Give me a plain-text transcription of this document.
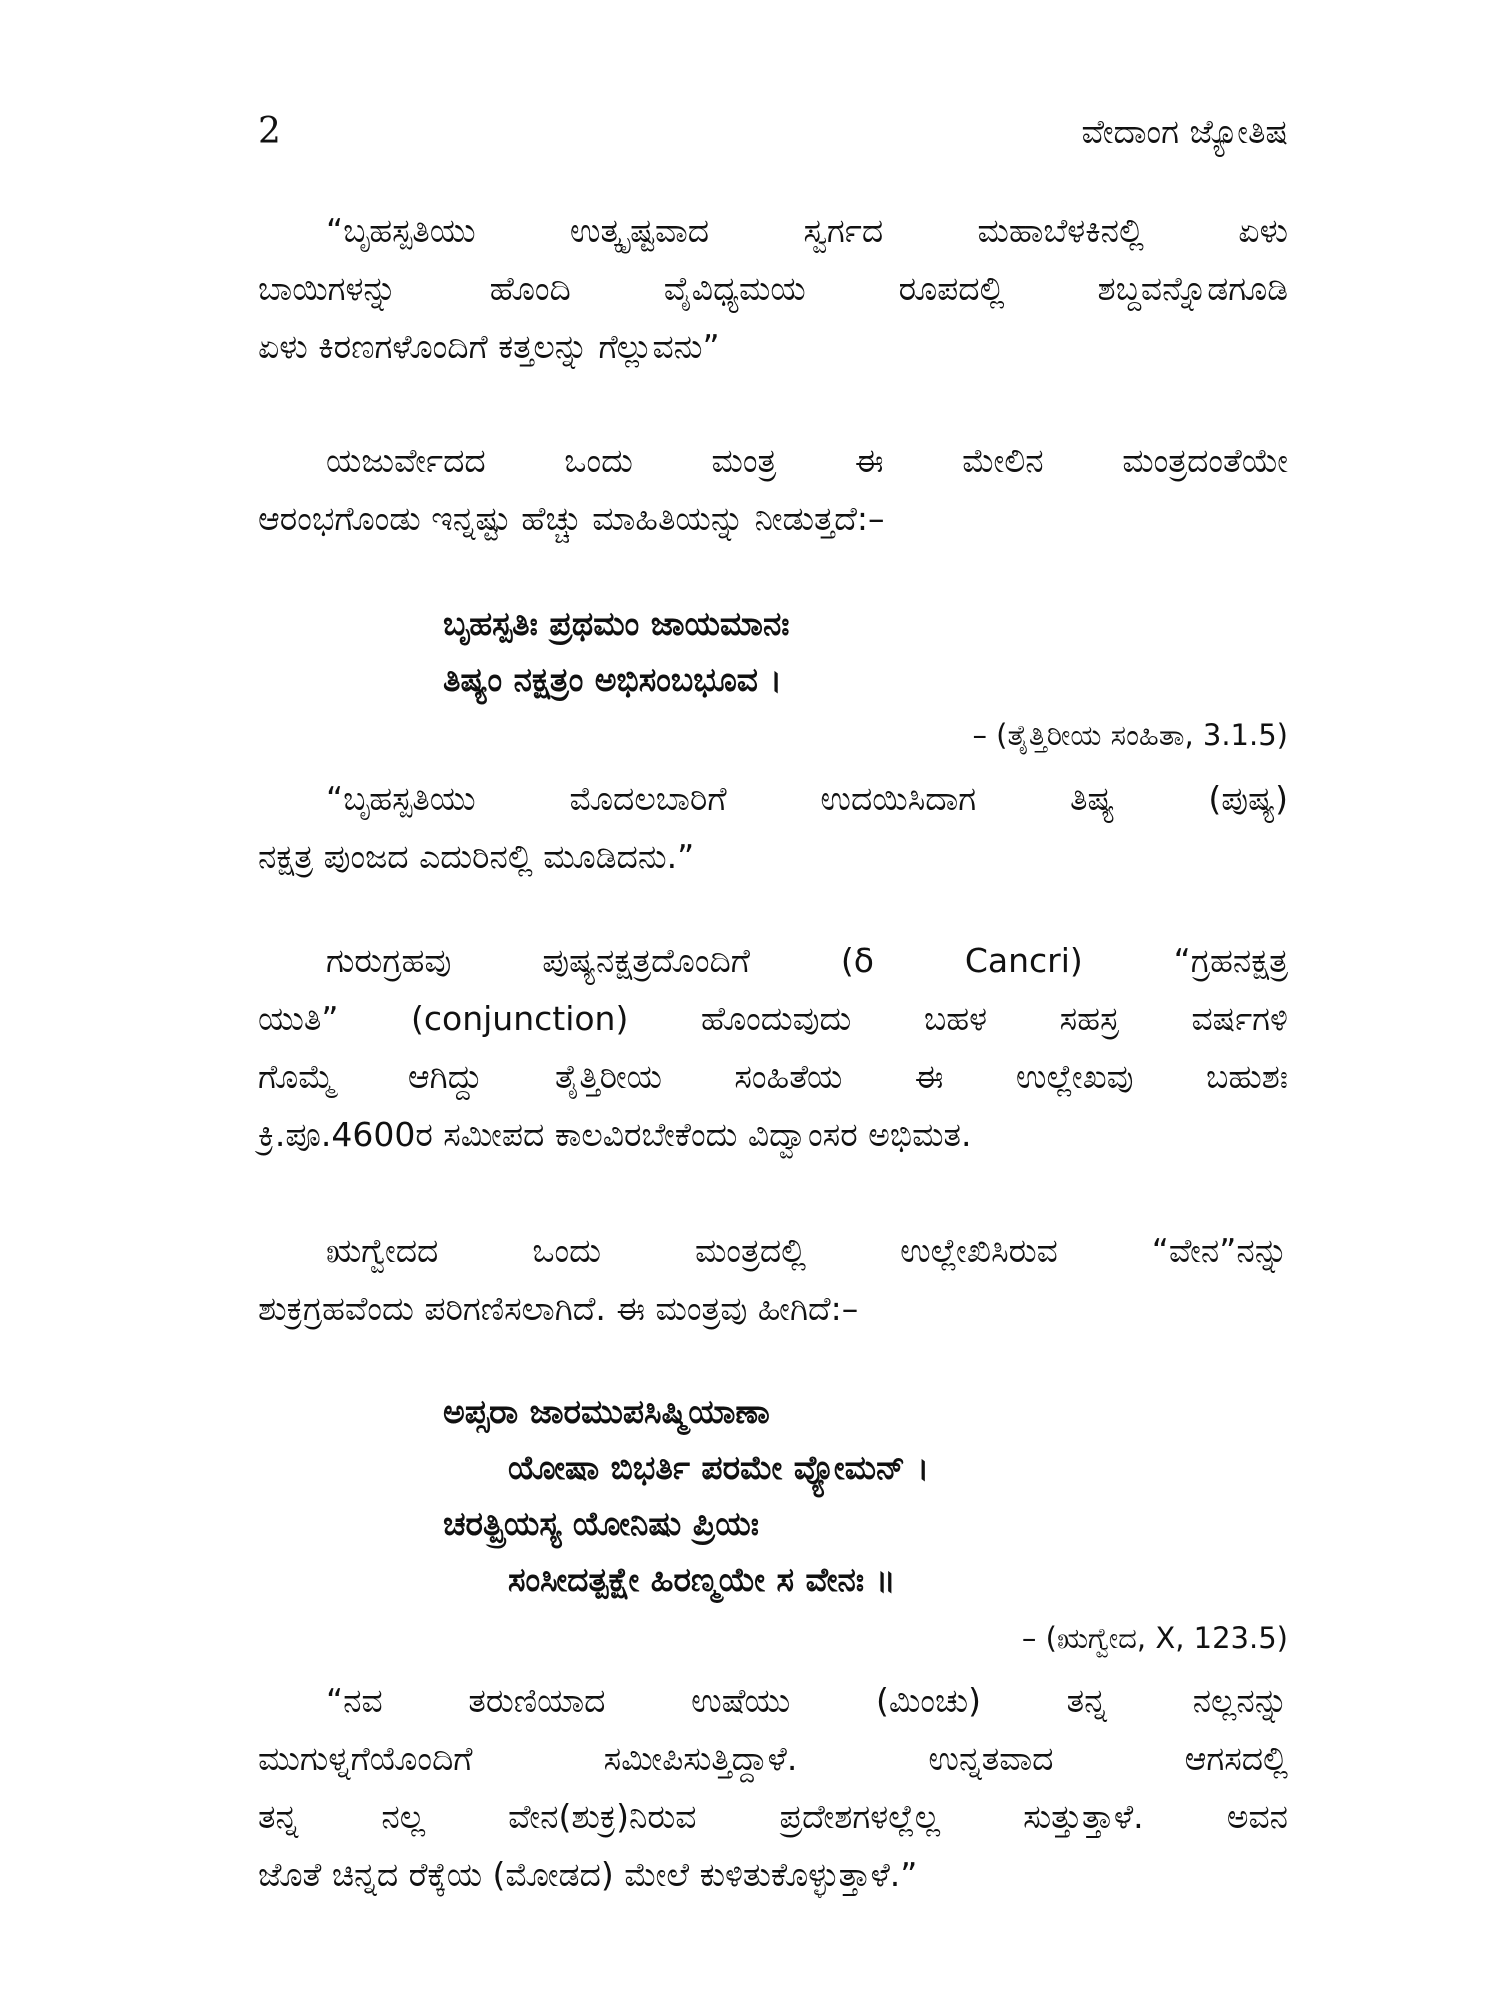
2	ವೇದಾಂಗ ಜ್ಯೋತಿಷ

“ಬೃಹಸ್ಪತಿಯು ಉತ್ಕೃಷ್ಟವಾದ ಸ್ವರ್ಗದ ಮಹಾಬೆಳಕಿನಲ್ಲಿ ಏಳು
ಬಾಯಿಗಳನ್ನು ಹೊಂದಿ ವೈವಿಧ್ಯಮಯ ರೂಪದಲ್ಲಿ ಶಬ್ದವನ್ನೊಡಗೂಡಿ
ಏಳು ಕಿರಣಗಳೊಂದಿಗೆ ಕತ್ತಲನ್ನು ಗೆಲ್ಲುವನು”

ಯಜುರ್ವೇದದ ಒಂದು ಮಂತ್ರ ಈ ಮೇಲಿನ ಮಂತ್ರದಂತೆಯೇ
ಆರಂಭಗೊಂಡು ಇನ್ನಷ್ಟು ಹೆಚ್ಚು ಮಾಹಿತಿಯನ್ನು ನೀಡುತ್ತದೆ:–

ಬೃಹಸ್ಪತಿಃ ಪ್ರಥಮಂ ಜಾಯಮಾನಃ
ತಿಷ್ಯಂ ನಕ್ಷತ್ರಂ ಅಭಿಸಂಬಭೂವ ।
– (ತೈತ್ತಿರೀಯ ಸಂಹಿತಾ, 3.1.5)

“ಬೃಹಸ್ಪತಿಯು ಮೊದಲಬಾರಿಗೆ ಉದಯಿಸಿದಾಗ ತಿಷ್ಯ (ಪುಷ್ಯ)
ನಕ್ಷತ್ರ ಪುಂಜದ ಎದುರಿನಲ್ಲಿ ಮೂಡಿದನು.”

ಗುರುಗ್ರಹವು ಪುಷ್ಯನಕ್ಷತ್ರದೊಂದಿಗೆ (δ Cancri) “ಗ್ರಹನಕ್ಷತ್ರ
ಯುತಿ” (conjunction) ಹೊಂದುವುದು ಬಹಳ ಸಹಸ್ರ ವರ್ಷಗಳಿ
ಗೊಮ್ಮೆ ಆಗಿದ್ದು ತೈತ್ತಿರೀಯ ಸಂಹಿತೆಯ ಈ ಉಲ್ಲೇಖವು ಬಹುಶಃ
ಕ್ರಿ.ಪೂ.4600ರ ಸಮೀಪದ ಕಾಲವಿರಬೇಕೆಂದು ವಿದ್ವಾಂಸರ ಅಭಿಮತ.

ಋಗ್ವೇದದ ಒಂದು ಮಂತ್ರದಲ್ಲಿ ಉಲ್ಲೇಖಿಸಿರುವ “ವೇನ”ನನ್ನು
ಶುಕ್ರಗ್ರಹವೆಂದು ಪರಿಗಣಿಸಲಾಗಿದೆ. ಈ ಮಂತ್ರವು ಹೀಗಿದೆ:–

ಅಪ್ಸರಾ ಜಾರಮುಪಸಿಷ್ಮಿಯಾಣಾ
ಯೋಷಾ ಬಿಭರ್ತಿ ಪರಮೇ ವ್ಯೋಮನ್ ।
ಚರತ್ಪ್ರಿಯಸ್ಯ ಯೋನಿಷು ಪ್ರಿಯಃ
ಸಂಸೀದತ್ಪಕ್ಷೇ ಹಿರಣ್ಮಯೇ ಸ ವೇನಃ ॥
– (ಋಗ್ವೇದ, X, 123.5)

“ನವ ತರುಣಿಯಾದ ಉಷೆಯು (ಮಿಂಚು) ತನ್ನ ನಲ್ಲನನ್ನು
ಮುಗುಳ್ನಗೆಯೊಂದಿಗೆ ಸಮೀಪಿಸುತ್ತಿದ್ದಾಳೆ. ಉನ್ನತವಾದ ಆಗಸದಲ್ಲಿ
ತನ್ನ ನಲ್ಲ ವೇನ(ಶುಕ್ರ)ನಿರುವ ಪ್ರದೇಶಗಳಲ್ಲೆಲ್ಲ ಸುತ್ತುತ್ತಾಳೆ. ಅವನ
ಜೊತೆ ಚಿನ್ನದ ರೆಕ್ಕೆಯ (ಮೋಡದ) ಮೇಲೆ ಕುಳಿತುಕೊಳ್ಳುತ್ತಾಳೆ.”
